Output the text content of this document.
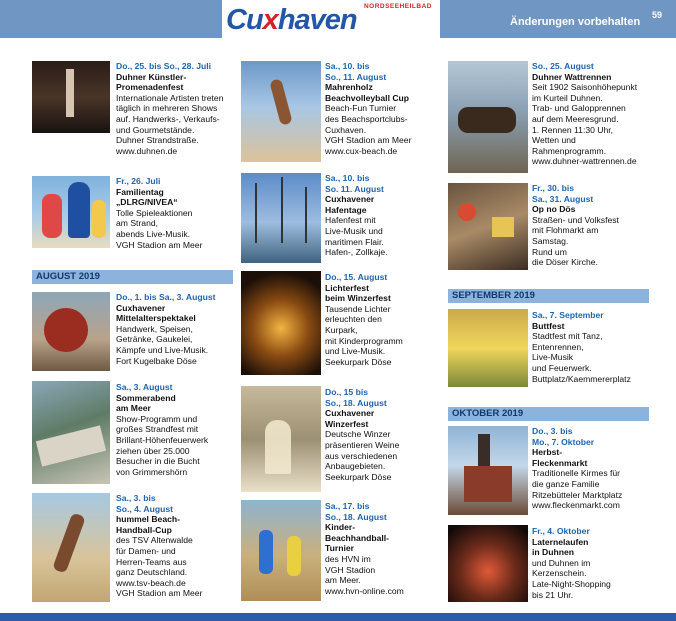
NORDSEEHEILBAD
Cuxhaven	Änderungen vorbehalten
59
AUGUST 2019
SEPTEMBER 2019
OKTOBER 2019
Do., 25. bis So., 28. Juli
Duhner Künstler-
Promenadenfest
Internationale Artisten treten
täglich in mehreren Shows
auf. Handwerks-, Verkaufs-
und Gourmetstände.
Duhner Strandstraße.
www.duhnen.de
Fr., 26. Juli
Familientag
„DLRG/NIVEA“
Tolle Spieleaktionen
am Strand,
abends Live-Musik.
VGH Stadion am Meer
Do., 1. bis Sa., 3. August
Cuxhavener
Mittelalterspektakel
Handwerk, Speisen,
Getränke, Gaukelei,
Kämpfe und Live-Musik.
Fort Kugelbake Döse
Sa., 3. August
Sommerabend
am Meer
Show-Programm und
großes Strandfest mit
Brillant-Höhenfeuerwerk
ziehen über 25.000
Besucher in die Bucht
von Grimmershörn
Sa., 3. bis
So., 4. August
hummel Beach-
Handball-Cup
des TSV Altenwalde
für Damen- und
Herren-Teams aus
ganz Deutschland.
www.tsv-beach.de
VGH Stadion am Meer
Sa., 10. bis
So., 11. August
Mahrenholz
Beachvolleyball Cup
Beach-Fun Turnier
des Beachsportclubs-
Cuxhaven.
VGH Stadion am Meer
www.cux-beach.de
Sa., 10. bis
So. 11. August
Cuxhavener
Hafentage
Hafenfest mit
Live-Musik und
maritimen Flair.
Hafen-, Zollkaje.
Do., 15. August
Lichterfest
beim Winzerfest
Tausende Lichter
erleuchten den
Kurpark,
mit Kinderprogramm
und Live-Musik.
Seekurpark Döse
Do., 15 bis
So., 18. August
Cuxhavener
Winzerfest
Deutsche Winzer
präsentieren Weine
aus verschiedenen
Anbaugebieten.
Seekurpark Döse
Sa., 17. bis
So., 18. August
Kinder-
Beachhandball-
Turnier
des HVN im
VGH Stadion
am Meer.
www.hvn-online.com
So., 25. August
Duhner Wattrennen
Seit 1902 Saisonhöhepunkt
im Kurteil Duhnen.
Trab- und Galopprennen
auf dem Meeresgrund.
1. Rennen 11:30 Uhr,
Wetten und
Rahmenprogramm.
www.duhner-wattrennen.de
Fr., 30. bis
Sa., 31. August
Op no Dös
Straßen- und Volksfest
mit Flohmarkt am
Samstag.
Rund um
die Döser Kirche.
Sa., 7. September
Buttfest
Stadtfest mit Tanz,
Entenrennen,
Live-Musik
und Feuerwerk.
Buttplatz/Kaemmererplatz
Do., 3. bis
Mo., 7. Oktober
Herbst-
Fleckenmarkt
Traditionelle Kirmes für
die ganze Familie
Ritzebütteler Marktplatz
www.fleckenmarkt.com
Fr., 4. Oktober
Laternelaufen
in Duhnen
und Duhnen im
Kerzenschein.
Late-Night-Shopping
bis 21 Uhr.
